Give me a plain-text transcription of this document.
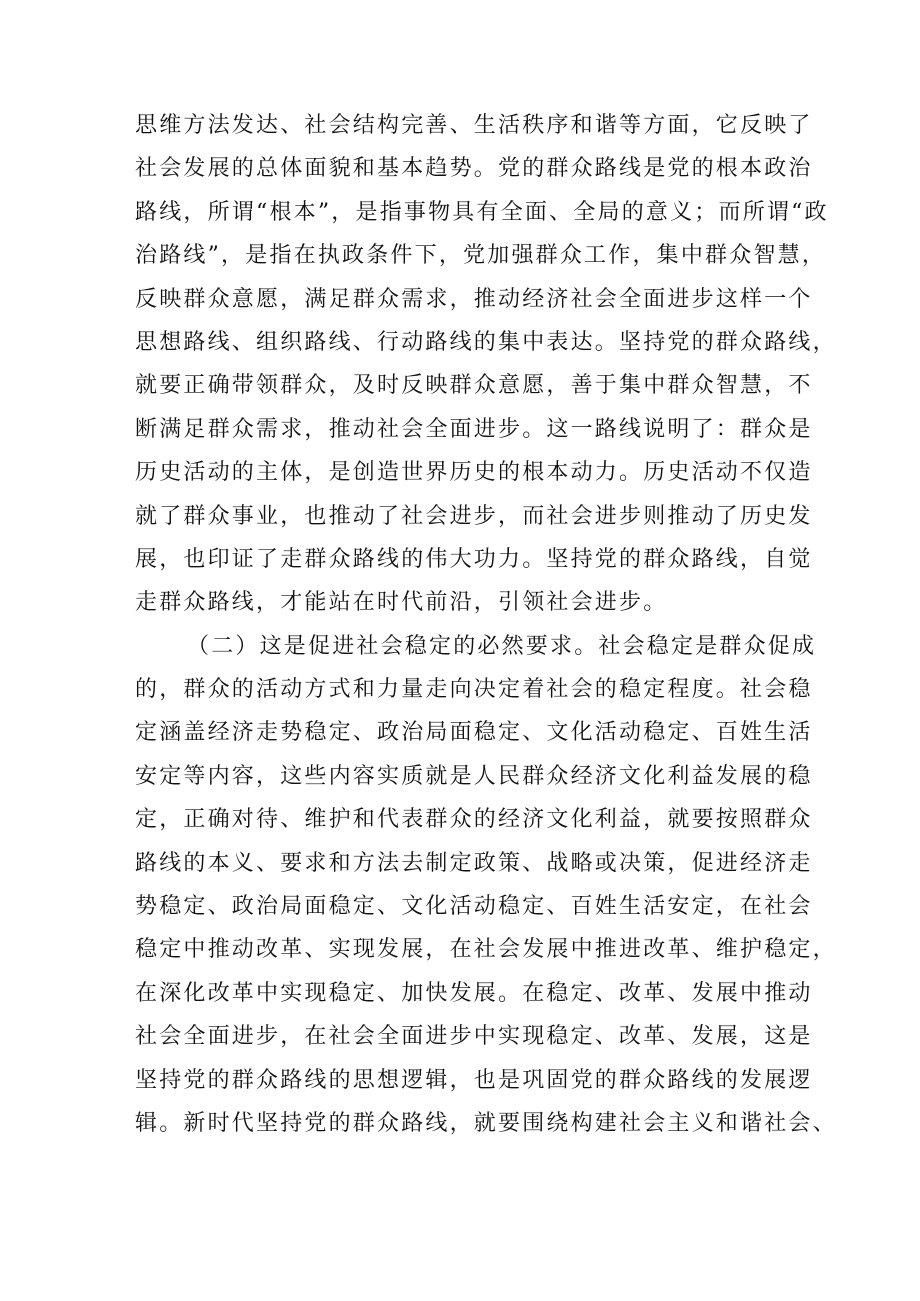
思维方法发达、社会结构完善、生活秩序和谐等方面，它反映了
社会发展的总体面貌和基本趋势。党的群众路线是党的根本政治
路线，所谓“根本”，是指事物具有全面、全局的意义；而所谓“政
治路线”，是指在执政条件下，党加强群众工作，集中群众智慧，
反映群众意愿，满足群众需求，推动经济社会全面进步这样一个
思想路线、组织路线、行动路线的集中表达。坚持党的群众路线，
就要正确带领群众，及时反映群众意愿，善于集中群众智慧，不
断满足群众需求，推动社会全面进步。这一路线说明了：群众是
历史活动的主体，是创造世界历史的根本动力。历史活动不仅造
就了群众事业，也推动了社会进步，而社会进步则推动了历史发
展，也印证了走群众路线的伟大功力。坚持党的群众路线，自觉
走群众路线，才能站在时代前沿，引领社会进步。
（二）这是促进社会稳定的必然要求。社会稳定是群众促成
的，群众的活动方式和力量走向决定着社会的稳定程度。社会稳
定涵盖经济走势稳定、政治局面稳定、文化活动稳定、百姓生活
安定等内容，这些内容实质就是人民群众经济文化利益发展的稳
定，正确对待、维护和代表群众的经济文化利益，就要按照群众
路线的本义、要求和方法去制定政策、战略或决策，促进经济走
势稳定、政治局面稳定、文化活动稳定、百姓生活安定，在社会
稳定中推动改革、实现发展，在社会发展中推进改革、维护稳定，
在深化改革中实现稳定、加快发展。在稳定、改革、发展中推动
社会全面进步，在社会全面进步中实现稳定、改革、发展，这是
坚持党的群众路线的思想逻辑，也是巩固党的群众路线的发展逻
辑。新时代坚持党的群众路线，就要围绕构建社会主义和谐社会、
